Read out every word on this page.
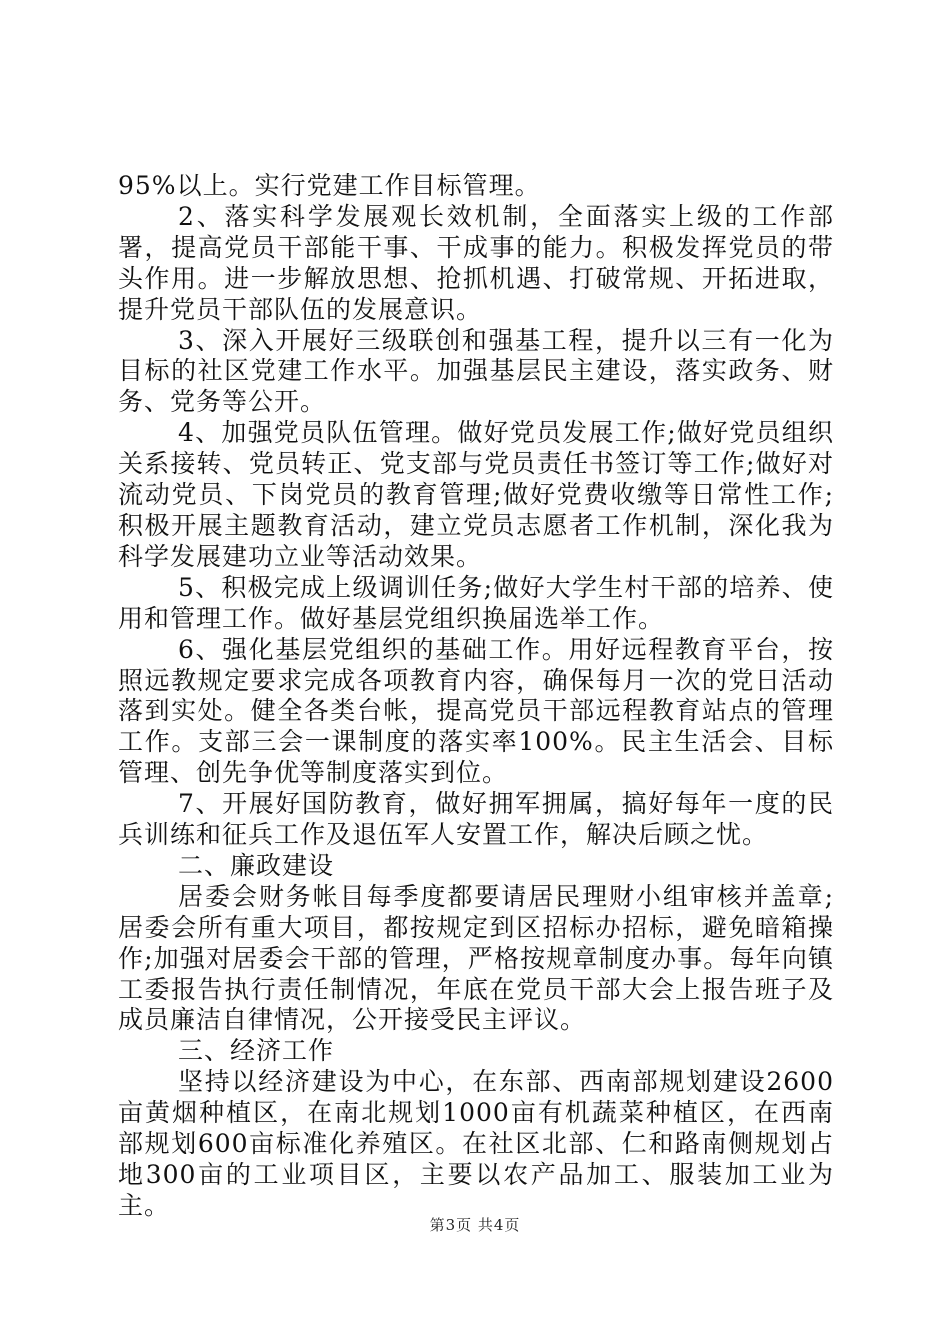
95%以上。实行党建工作目标管理。

2、落实科学发展观长效机制，全面落实上级的工作部署，提高党员干部能干事、干成事的能力。积极发挥党员的带头作用。进一步解放思想、抢抓机遇、打破常规、开拓进取，提升党员干部队伍的发展意识。

3、深入开展好三级联创和强基工程，提升以三有一化为目标的社区党建工作水平。加强基层民主建设，落实政务、财务、党务等公开。

4、加强党员队伍管理。做好党员发展工作;做好党员组织关系接转、党员转正、党支部与党员责任书签订等工作;做好对流动党员、下岗党员的教育管理;做好党费收缴等日常性工作;积极开展主题教育活动，建立党员志愿者工作机制，深化我为科学发展建功立业等活动效果。

5、积极完成上级调训任务;做好大学生村干部的培养、使用和管理工作。做好基层党组织换届选举工作。

6、强化基层党组织的基础工作。用好远程教育平台，按照远教规定要求完成各项教育内容，确保每月一次的党日活动落到实处。健全各类台帐，提高党员干部远程教育站点的管理工作。支部三会一课制度的落实率100%。民主生活会、目标管理、创先争优等制度落实到位。

7、开展好国防教育，做好拥军拥属，搞好每年一度的民兵训练和征兵工作及退伍军人安置工作，解决后顾之忧。

二、廉政建设

居委会财务帐目每季度都要请居民理财小组审核并盖章;居委会所有重大项目，都按规定到区招标办招标，避免暗箱操作;加强对居委会干部的管理，严格按规章制度办事。每年向镇工委报告执行责任制情况，年底在党员干部大会上报告班子及成员廉洁自律情况，公开接受民主评议。

三、经济工作

坚持以经济建设为中心，在东部、西南部规划建设2600亩黄烟种植区，在南北规划1000亩有机蔬菜种植区，在西南部规划600亩标准化养殖区。在社区北部、仁和路南侧规划占地300亩的工业项目区，主要以农产品加工、服装加工业为主。

第3页 共4页
